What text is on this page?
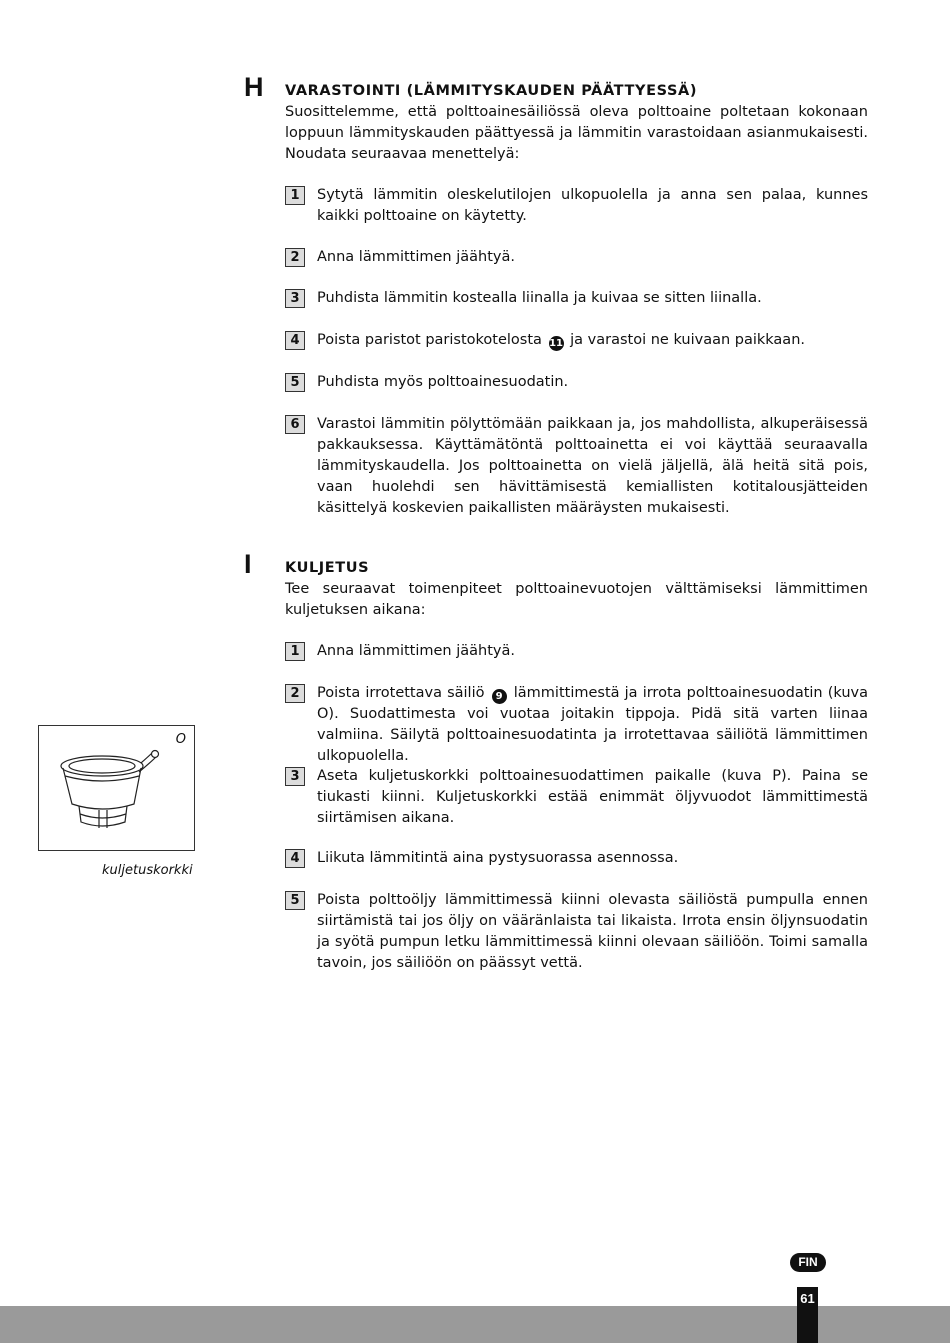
H VARASTOINTI (LÄMMITYSKAUDEN PÄÄTTYESSÄ)
Suosittelemme, että polttoainesäiliössä oleva polttoaine poltetaan kokonaan loppuun lämmityskauden päättyessä ja lämmitin varastoidaan asianmukaisesti. Noudata seuraavaa menettelyä:
1	Sytytä lämmitin oleskelutilojen ulkopuolella ja anna sen palaa, kunnes kaikki polttoaine on käytetty.
2	Anna lämmittimen jäähtyä.
3	Puhdista lämmitin kostealla liinalla ja kuivaa se sitten liinalla.
4	Poista paristot paristokotelosta 11 ja varastoi ne kuivaan paikkaan.
5	Puhdista myös polttoainesuodatin.
6	Varastoi lämmitin pölyttömään paikkaan ja, jos mahdollista, alkuperäisessä pakkauksessa. Käyttämätöntä polttoainetta ei voi käyttää seuraavalla lämmityskaudella. Jos polttoainetta on vielä jäljellä, älä heitä sitä pois, vaan huolehdi sen hävittämisestä kemiallisten kotitalousjätteiden käsittelyä koskevien paikallisten määräysten mukaisesti.
I KULJETUS
Tee seuraavat toimenpiteet polttoainevuotojen välttämiseksi lämmittimen kuljetuksen aikana:
1	Anna lämmittimen jäähtyä.
2	Poista irrotettava säiliö 9 lämmittimestä ja irrota polttoainesuodatin (kuva O). Suodattimesta voi vuotaa joitakin tippoja. Pidä sitä varten liinaa valmiina. Säilytä polttoainesuodatinta ja irrotettavaa säiliötä lämmittimen ulkopuolella.
3	Aseta kuljetuskorkki polttoainesuodattimen paikalle (kuva P). Paina se tiukasti kiinni. Kuljetuskorkki estää enimmät öljyvuodot lämmittimestä siirtämisen aikana.
4	Liikuta lämmitintä aina pystysuorassa asennossa.
5	Poista polttoöljy lämmittimessä kiinni olevasta säiliöstä pumpulla ennen siirtämistä tai jos öljy on vääränlaista tai likaista. Irrota ensin öljynsuodatin ja syötä pumpun letku lämmittimessä kiinni olevaan säiliöön. Toimi samalla tavoin, jos säiliöön on päässyt vettä.
O
kuljetuskorkki
FIN
61
